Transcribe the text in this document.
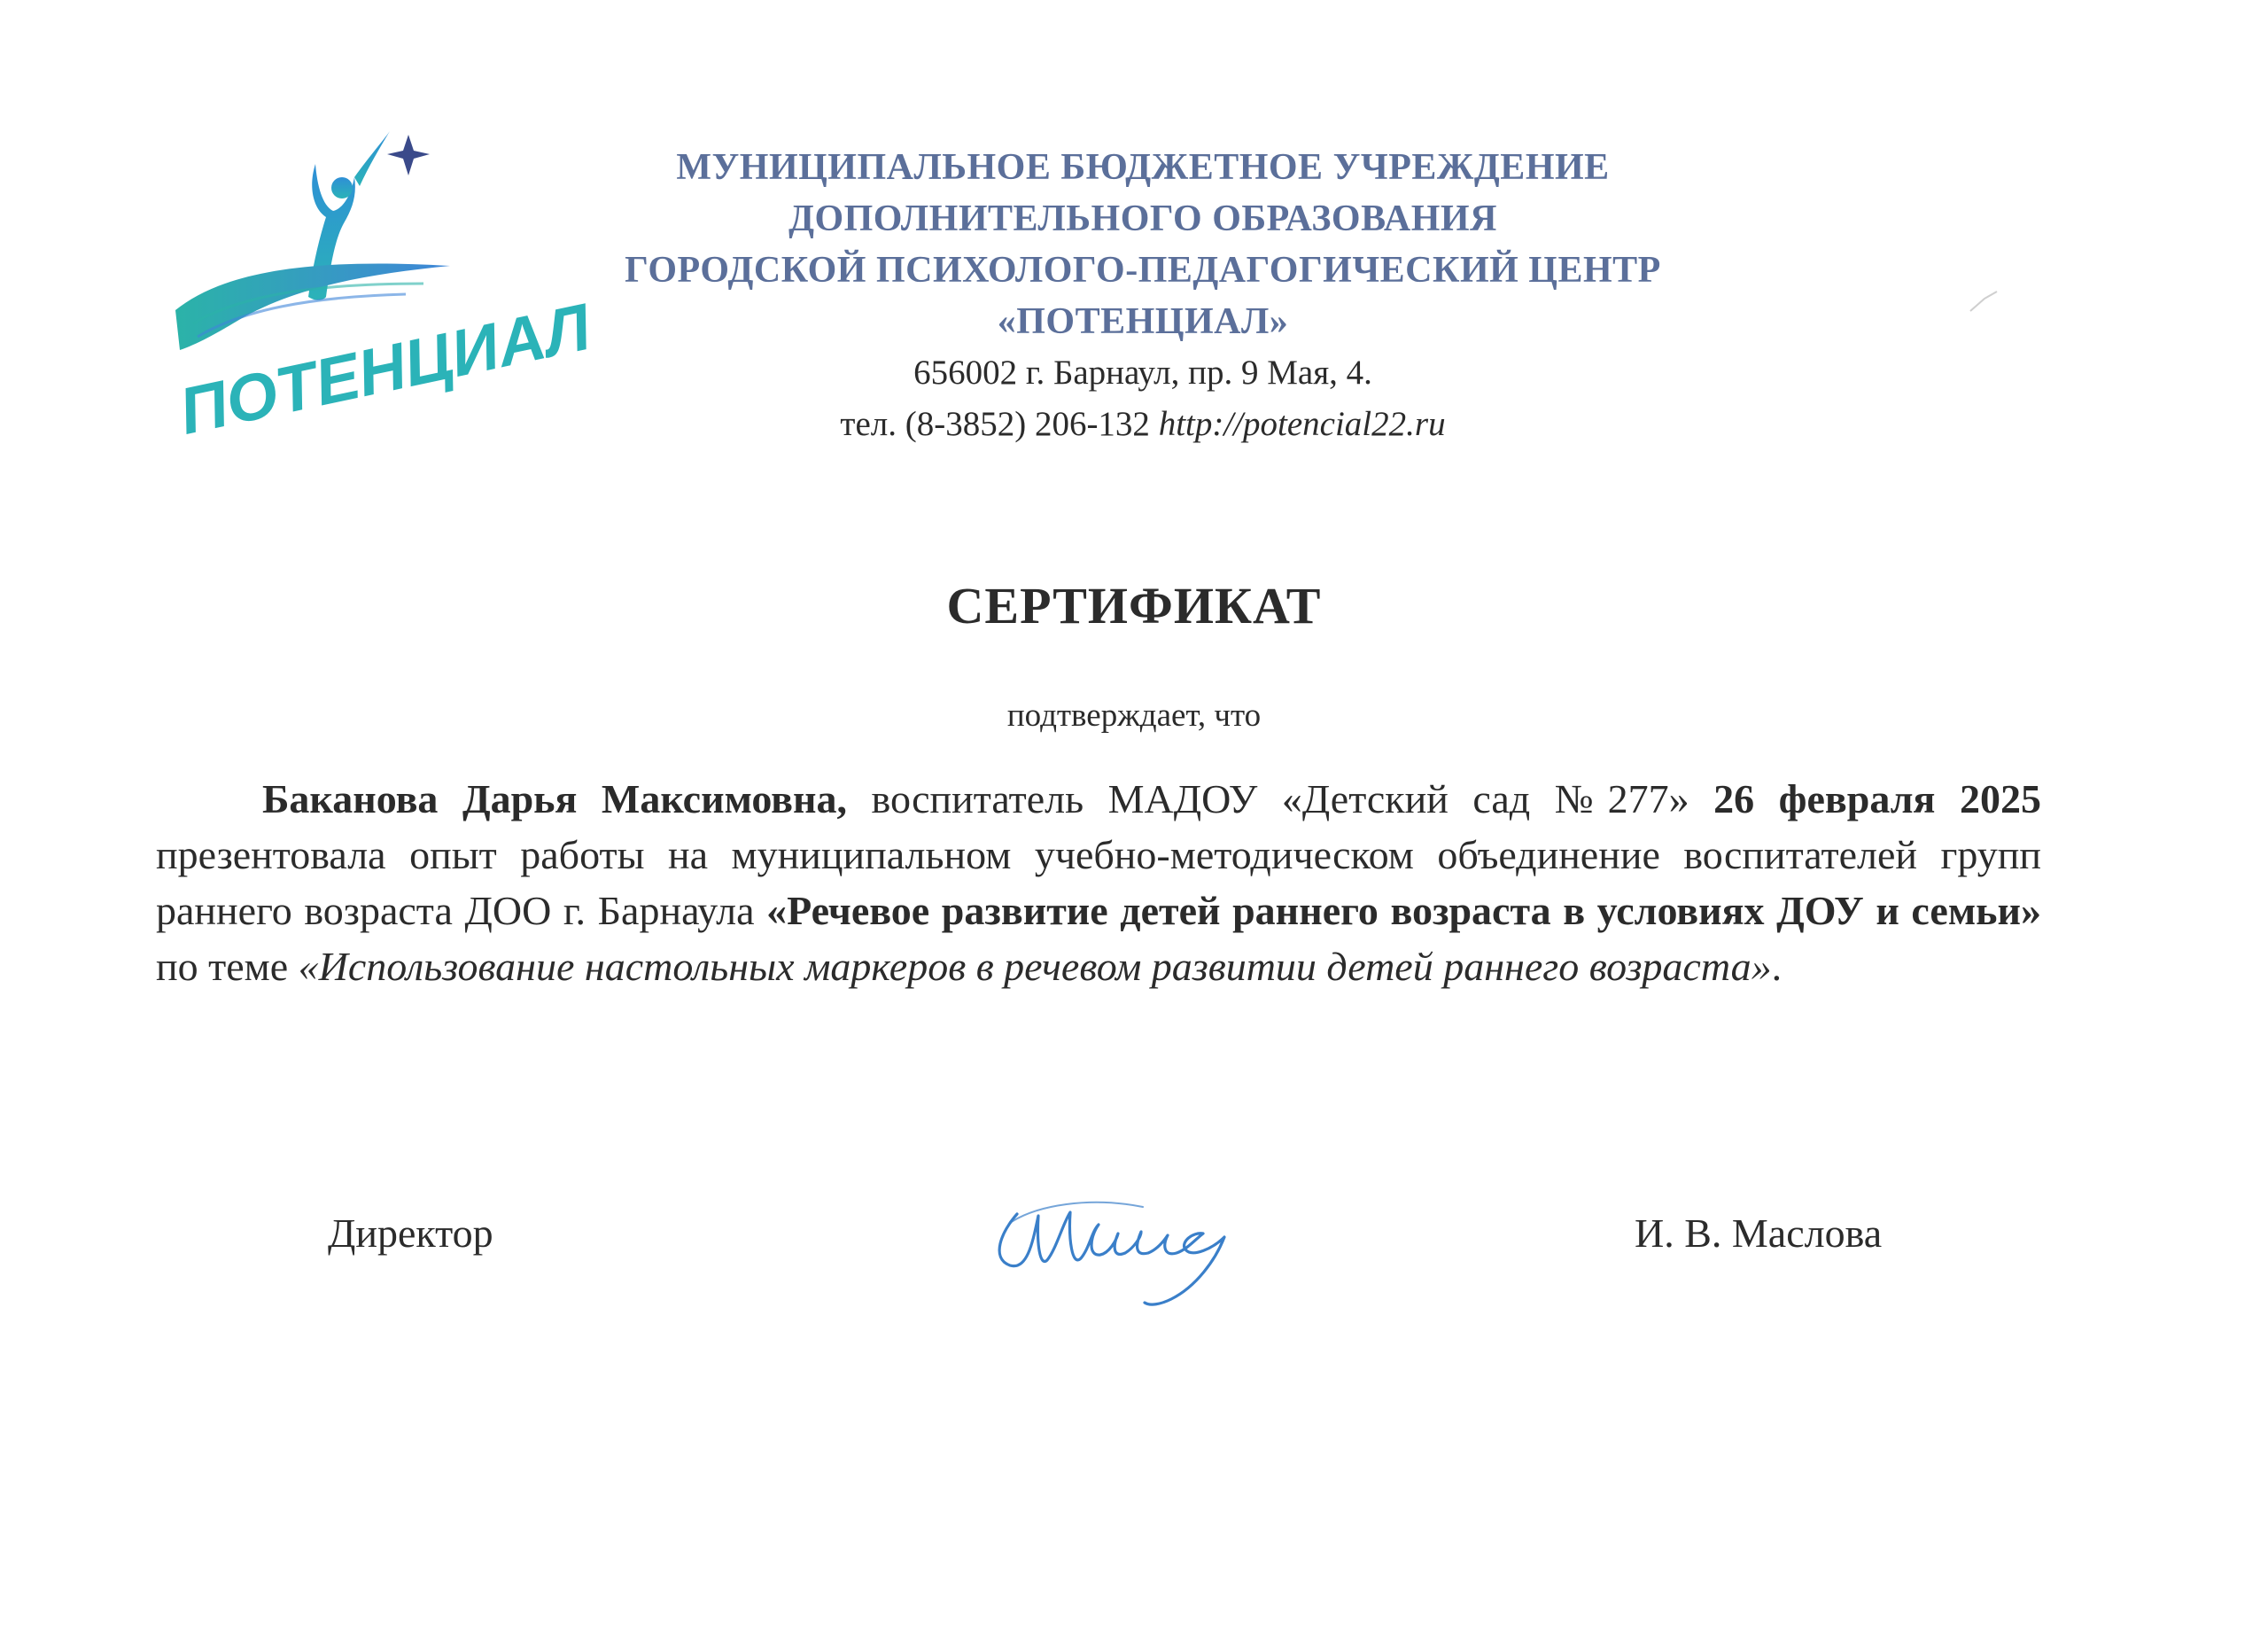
ПОТЕНЦИАЛ
МУНИЦИПАЛЬНОЕ БЮДЖЕТНОЕ УЧРЕЖДЕНИЕ
ДОПОЛНИТЕЛЬНОГО ОБРАЗОВАНИЯ
ГОРОДСКОЙ ПСИХОЛОГО-ПЕДАГОГИЧЕСКИЙ ЦЕНТР
«ПОТЕНЦИАЛ»
656002 г. Барнаул, пр. 9 Мая, 4.
тел. (8-3852) 206-132 http://potencial22.ru
СЕРТИФИКАТ
подтверждает, что
Баканова Дарья Максимовна, воспитатель МАДОУ «Детский сад №277» 26 февраля 2025 презентовала опыт работы на муниципальном учебно-методическом объединение воспитателей групп раннего возраста ДОО г. Барнаула «Речевое развитие детей раннего возраста в условиях ДОУ и семьи» по теме «Использование настольных маркеров в речевом развитии детей раннего возраста».
Директор	И. В. Маслова
